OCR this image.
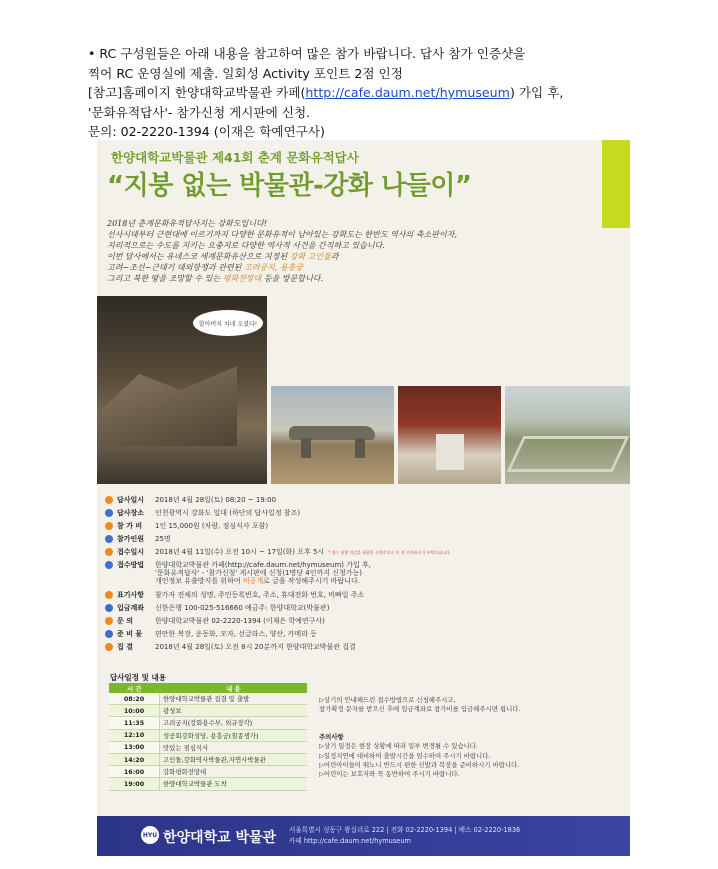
• RC 구성원들은 아래 내용을 참고하여 많은 참가 바랍니다. 답사 참가 인증샷을
찍어 RC 운영실에 제출. 일회성 Activity 포인트 2점 인정
[참고]홈페이지 한양대학교박물관 카페(http://cafe.daum.net/hymuseum) 가입 후,
'문화유적답사'- 참가신청 게시판에 신청.
문의: 02-2220-1394 (이재은 학예연구사)
한양대학교박물관 제41회 춘계 문화유적답사
“지붕 없는 박물관-강화 나들이”
2018년 춘계문화유적답사지는 강화도입니다!
선사시대부터 근현대에 이르기까지 다양한 문화유적이 남아있는 강화도는 한반도 역사의 축소판이자,
지리적으로는 수도를 지키는 요충지로 다양한 역사적 사건을 간직하고 있습니다.
이번 답사에서는 유네스코 세계문화유산으로 지정된 강화 고인돌과
고려~조선~근대기 대외항쟁과 관련된 고려궁지, 용흥궁
그리고 북한 땅을 조망할 수 있는 평화전망대 등을 방문합니다.
할아버지 치네 오셨다!
답사일시	2018년 4월 28일(토) 08:20 ~ 19:00
답사장소	인천광역시 강화도 일대 (하단의 답사일정 참조)
참 가 비	1인 15,000원 (차량, 점심식사 포함)
참가인원	25명
접수일시	2018년 4월 11일(수) 오전 10시 ~ 17일(화) 오후 5시 * 접수 현황 마감을 회원분 선착순으로 이 점 주의하시기 부탁드립니다.
접수방법	한양대학교박물관 카페(http://cafe.daum.net/hymuseum) 가입 후,
'문화유적답사' - '참가신청' 게시판에 신청(1명당 4인까지 신청가능)
개인정보 유출방지를 위하여 비공개로 글을 작성해주시기 바랍니다.
표기사항	참가자 전체의 성명, 주민등록번호, 주소, 휴대전화 번호, 비빠일 주소
입금계좌	신한은행 100-025-516660 예금주: 한양대학교(박물관)
문 의	한양대학교박물관 02-2220-1394 (이재은 학예연구사)
준 비 물	편안한 복장, 운동화, 모자, 선글라스, 양산, 카메라 등
집 결	2018년 4월 28일(토) 오전 8시 20분까지 한양대학교박물관 집결
답사일정 및 내용
시 간	내 용
08:20	한양대학교박물관 집결 및 출발
10:00	광성보
11:35	고려궁지(강화용수부, 외규장각)
12:10	성공회강화성당, 용흥궁(철종생가)
13:00	맛있는 점심식사
14:20	고인돌,강화역사박물관,자연사박물관
16:00	강화평화전망대
19:00	한양대학교박물관 도착
▷상기의 안내해드린 접수방법으로 신청해주시고,
참가확정 문자를 받으신 후에 입금계좌로 참가비를 입금해주시면 됩니다.
주의사항
▷상기 일정은 현장 상황에 따라 일부 변경될 수 있습니다.
▷일정지연에 대비하여 출발시간을 엄수하여 주시기 바랍니다.
▷어린아이들이 뛰노니 반드시 편한 신발과 복장을 준비하시기 바랍니다.
▷어린이는 보호자와 꼭 동반하여 주시기 바랍니다.
HYU 한양대학교 박물관 서울특별시 성동구 왕십리로 222 | 전화 02-2220-1394 | 팩스 02-2220-1836
카페 http://cafe.daum.net/hymuseum
